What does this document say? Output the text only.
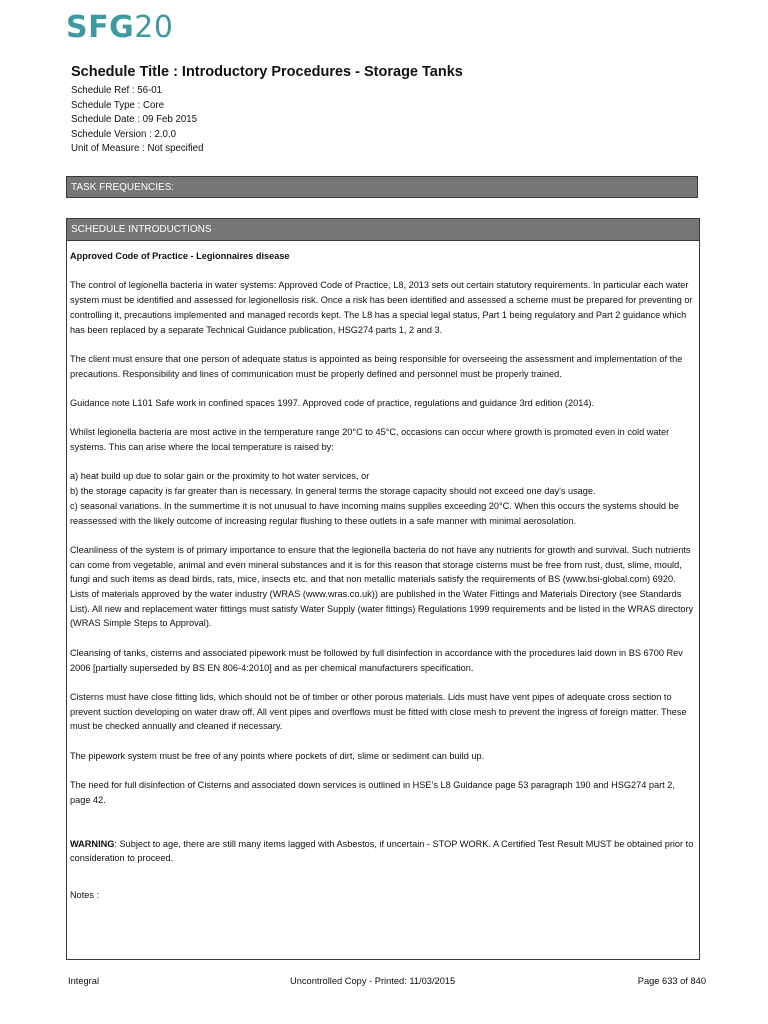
SFG20
Schedule Title : Introductory Procedures - Storage Tanks
Schedule Ref : 56-01
Schedule Type : Core
Schedule Date : 09 Feb 2015
Schedule Version : 2.0.0
Unit of Measure : Not specified
TASK FREQUENCIES:
SCHEDULE INTRODUCTIONS

Approved Code of Practice - Legionnaires disease

The control of legionella bacteria in water systems: Approved Code of Practice, L8, 2013 sets out certain statutory requirements. In particular each water system must be identified and assessed for legionellosis risk. Once a risk has been identified and assessed a scheme must be prepared for preventing or controlling it, precautions implemented and managed records kept. The L8 has a special legal status, Part 1 being regulatory and Part 2 guidance which has been replaced by a separate Technical Guidance publication, HSG274 parts 1, 2 and 3.

The client must ensure that one person of adequate status is appointed as being responsible for overseeing the assessment and implementation of the precautions. Responsibility and lines of communication must be properly defined and personnel must be properly trained.

Guidance note L101 Safe work in confined spaces 1997. Approved code of practice, regulations and guidance 3rd edition (2014).

Whilst legionella bacteria are most active in the temperature range 20°C to 45°C, occasions can occur where growth is promoted even in cold water systems. This can arise where the local temperature is raised by:

a) heat build up due to solar gain or the proximity to hot water services, or

b) the storage capacity is far greater than is necessary. In general terms the storage capacity should not exceed one day's usage.

c) seasonal variations. In the summertime it is not unusual to have incoming mains supplies exceeding 20°C. When this occurs the systems should be reassessed with the likely outcome of increasing regular flushing to these outlets in a safe manner with minimal aerosolation.

Cleanliness of the system is of primary importance to ensure that the legionella bacteria do not have any nutrients for growth and survival. Such nutrients can come from vegetable, animal and even mineral substances and it is for this reason that storage cisterns must be free from rust, dust, slime, mould, fungi and such items as dead birds, rats, mice, insects etc. and that non metallic materials satisfy the requirements of BS (www.bsi-global.com) 6920. Lists of materials approved by the water industry (WRAS (www.wras.co.uk)) are published in the Water Fittings and Materials Directory (see Standards List). All new and replacement water fittings must satisfy Water Supply (water fittings) Regulations 1999 requirements and be listed in the WRAS directory (WRAS Simple Steps to Approval).

Cleansing of tanks, cisterns and associated pipework must be followed by full disinfection in accordance with the procedures laid down in BS 6700 Rev 2006 [partially superseded by BS EN 806-4:2010] and as per chemical manufacturers specification.

Cisterns must have close fitting lids, which should not be of timber or other porous materials. Lids must have vent pipes of adequate cross section to prevent suction developing on water draw off. All vent pipes and overflows must be fitted with close mesh to prevent the ingress of foreign matter. These must be checked annually and cleaned if necessary.

The pipework system must be free of any points where pockets of dirt, slime or sediment can build up.

The need for full disinfection of Cisterns and associated down services is outlined in HSE's L8 Guidance page 53 paragraph 190 and HSG274 part 2, page 42.

WARNING: Subject to age, there are still many items lagged with Asbestos, if uncertain - STOP WORK. A Certified Test Result MUST be obtained prior to consideration to proceed.

Notes :

Integral	Uncontrolled Copy - Printed: 11/03/2015	Page 633 of 840
